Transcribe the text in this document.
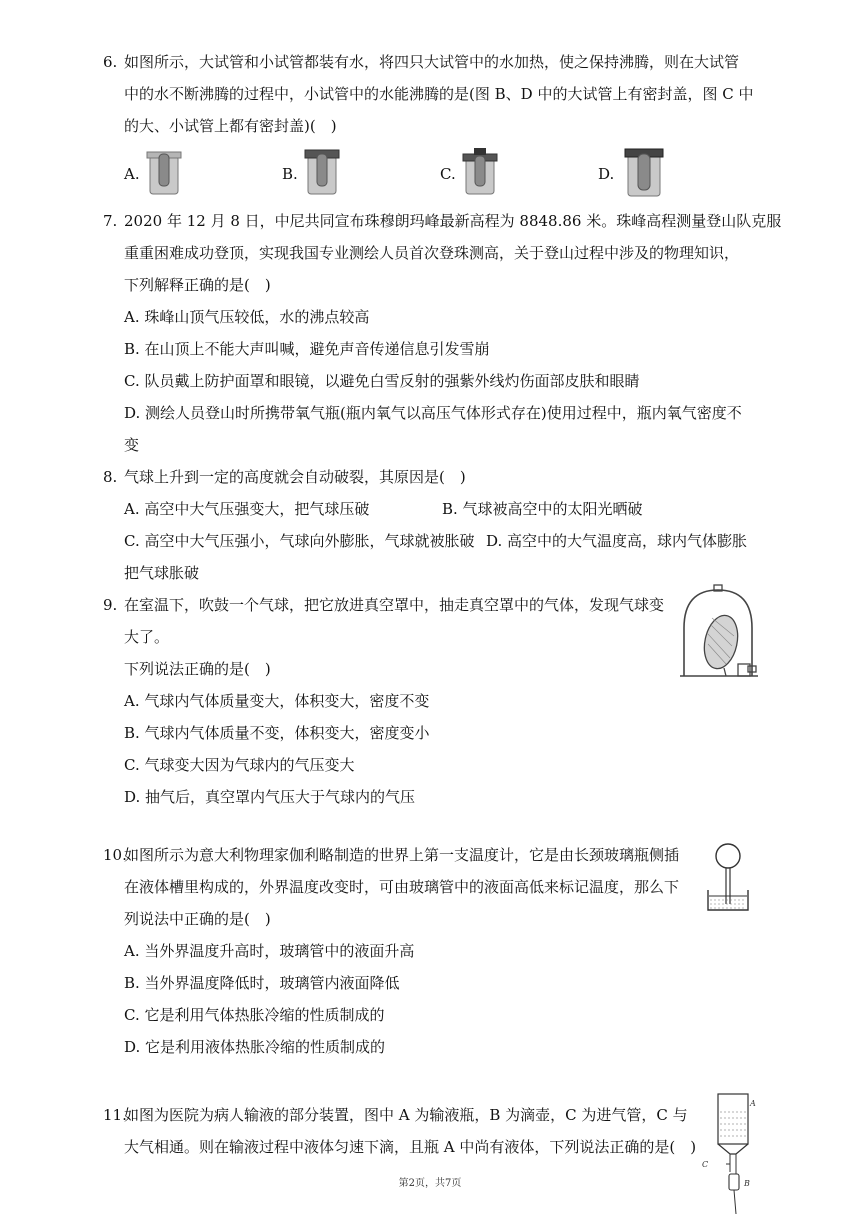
6. 如图所示，大试管和小试管都装有水，将四只大试管中的水加热，使之保持沸腾，则在大试管
中的水不断沸腾的过程中，小试管中的水能沸腾的是(图 B、D 中的大试管上有密封盖，图 C 中
的大、小试管上都有密封盖)(　)
A.	B.	C.	D.
7. 2020 年 12 月 8 日，中尼共同宣布珠穆朗玛峰最新高程为 8848.86 米。珠峰高程测量登山队克服
重重困难成功登顶，实现我国专业测绘人员首次登珠测高，关于登山过程中涉及的物理知识，
下列解释正确的是(　)
A. 珠峰山顶气压较低，水的沸点较高
B. 在山顶上不能大声叫喊，避免声音传递信息引发雪崩
C. 队员戴上防护面罩和眼镜，以避免白雪反射的强紫外线灼伤面部皮肤和眼睛
D. 测绘人员登山时所携带氧气瓶(瓶内氧气以高压气体形式存在)使用过程中，瓶内氧气密度不
变
8. 气球上升到一定的高度就会自动破裂，其原因是(　)
A. 高空中大气压强变大，把气球压破	B. 气球被高空中的太阳光晒破
C. 高空中大气压强小，气球向外膨胀，气球就被胀破 D. 高空中的大气温度高，球内气体膨胀
把气球胀破
9. 在室温下，吹鼓一个气球，把它放进真空罩中，抽走真空罩中的气体，发现气球变
大了。
下列说法正确的是(　)
A. 气球内气体质量变大，体积变大，密度不变
B. 气球内气体质量不变，体积变大，密度变小
C. 气球变大因为气球内的气压变大
D. 抽气后，真空罩内气压大于气球内的气压
10.
如图所示为意大利物理家伽利略制造的世界上第一支温度计，它是由长颈玻璃瓶侧插
在液体槽里构成的，外界温度改变时，可由玻璃管中的液面高低来标记温度，那么下
列说法中正确的是(　)
A. 当外界温度升高时，玻璃管中的液面升高
B. 当外界温度降低时，玻璃管内液面降低
C. 它是利用气体热胀冷缩的性质制成的
D. 它是利用液体热胀冷缩的性质制成的
11.
如图为医院为病人输液的部分装置，图中 A 为输液瓶，B 为滴壶，C 为进气管，C 与
大气相通。则在输液过程中液体匀速下滴，且瓶 A 中尚有液体，下列说法正确的是(　)
A
B
C
第2页，共7页
